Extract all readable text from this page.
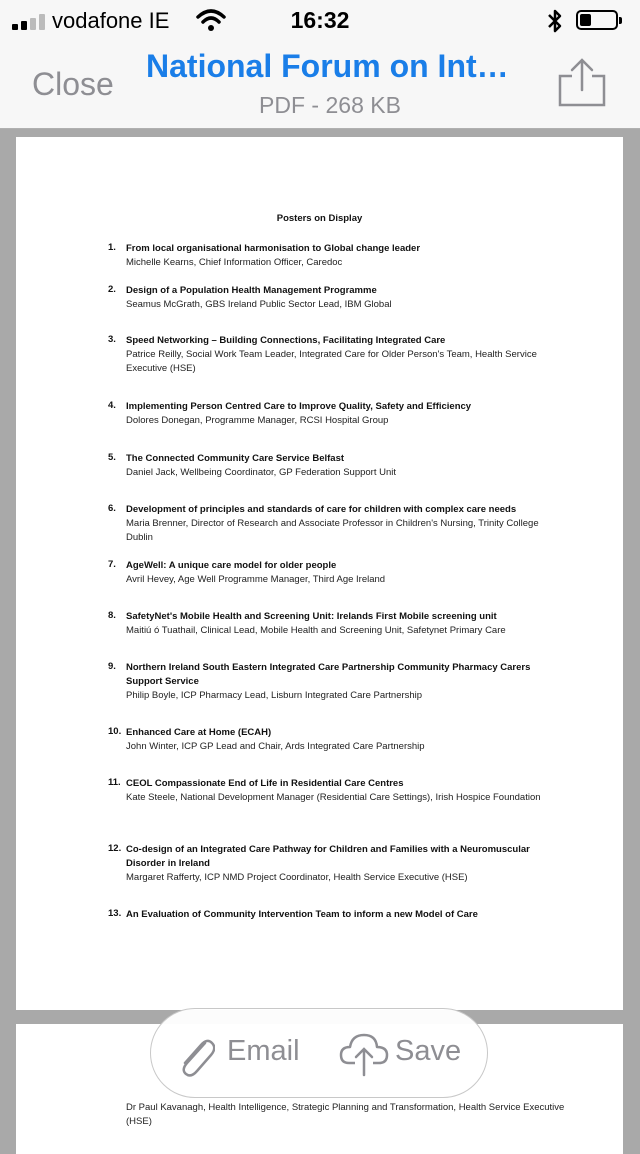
vodafone IE	16:32
Close National Forum on Int…
PDF - 268 KB
Posters on Display
1.	From local organisational harmonisation to Global change leader
Michelle Kearns, Chief Information Officer, Caredoc
2.	Design of a Population Health Management Programme
Seamus McGrath, GBS Ireland Public Sector Lead, IBM Global
3.	Speed Networking – Building Connections, Facilitating Integrated Care
Patrice Reilly, Social Work Team Leader, Integrated Care for Older Person's Team, Health Service Executive (HSE)
4.	Implementing Person Centred Care to Improve Quality, Safety and Efficiency
Dolores Donegan, Programme Manager, RCSI Hospital Group
5.	The Connected Community Care Service Belfast
Daniel Jack, Wellbeing Coordinator, GP Federation Support Unit
6.	Development of principles and standards of care for children with complex care needs
Maria Brenner, Director of Research and Associate Professor in Children's Nursing, Trinity College Dublin
7.	AgeWell: A unique care model for older people
Avril Hevey, Age Well Programme Manager, Third Age Ireland
8.	SafetyNet's Mobile Health and Screening Unit: Irelands First Mobile screening unit
Maitiú ó Tuathail, Clinical Lead, Mobile Health and Screening Unit, Safetynet Primary Care
9.	Northern Ireland South Eastern Integrated Care Partnership Community Pharmacy Carers Support Service
Philip Boyle, ICP Pharmacy Lead, Lisburn Integrated Care Partnership
10. Enhanced Care at Home (ECAH)
John Winter, ICP GP Lead and Chair, Ards Integrated Care Partnership
11. CEOL Compassionate End of Life in Residential Care Centres
Kate Steele, National Development Manager (Residential Care Settings), Irish Hospice Foundation
12. Co-design of an Integrated Care Pathway for Children and Families with a Neuromuscular Disorder in Ireland
Margaret Rafferty, ICP NMD Project Coordinator, Health Service Executive (HSE)
13. An Evaluation of Community Intervention Team to inform a new Model of Care
Dr Paul Kavanagh, Health Intelligence, Strategic Planning and Transformation, Health Service Executive (HSE)
Email	Save
